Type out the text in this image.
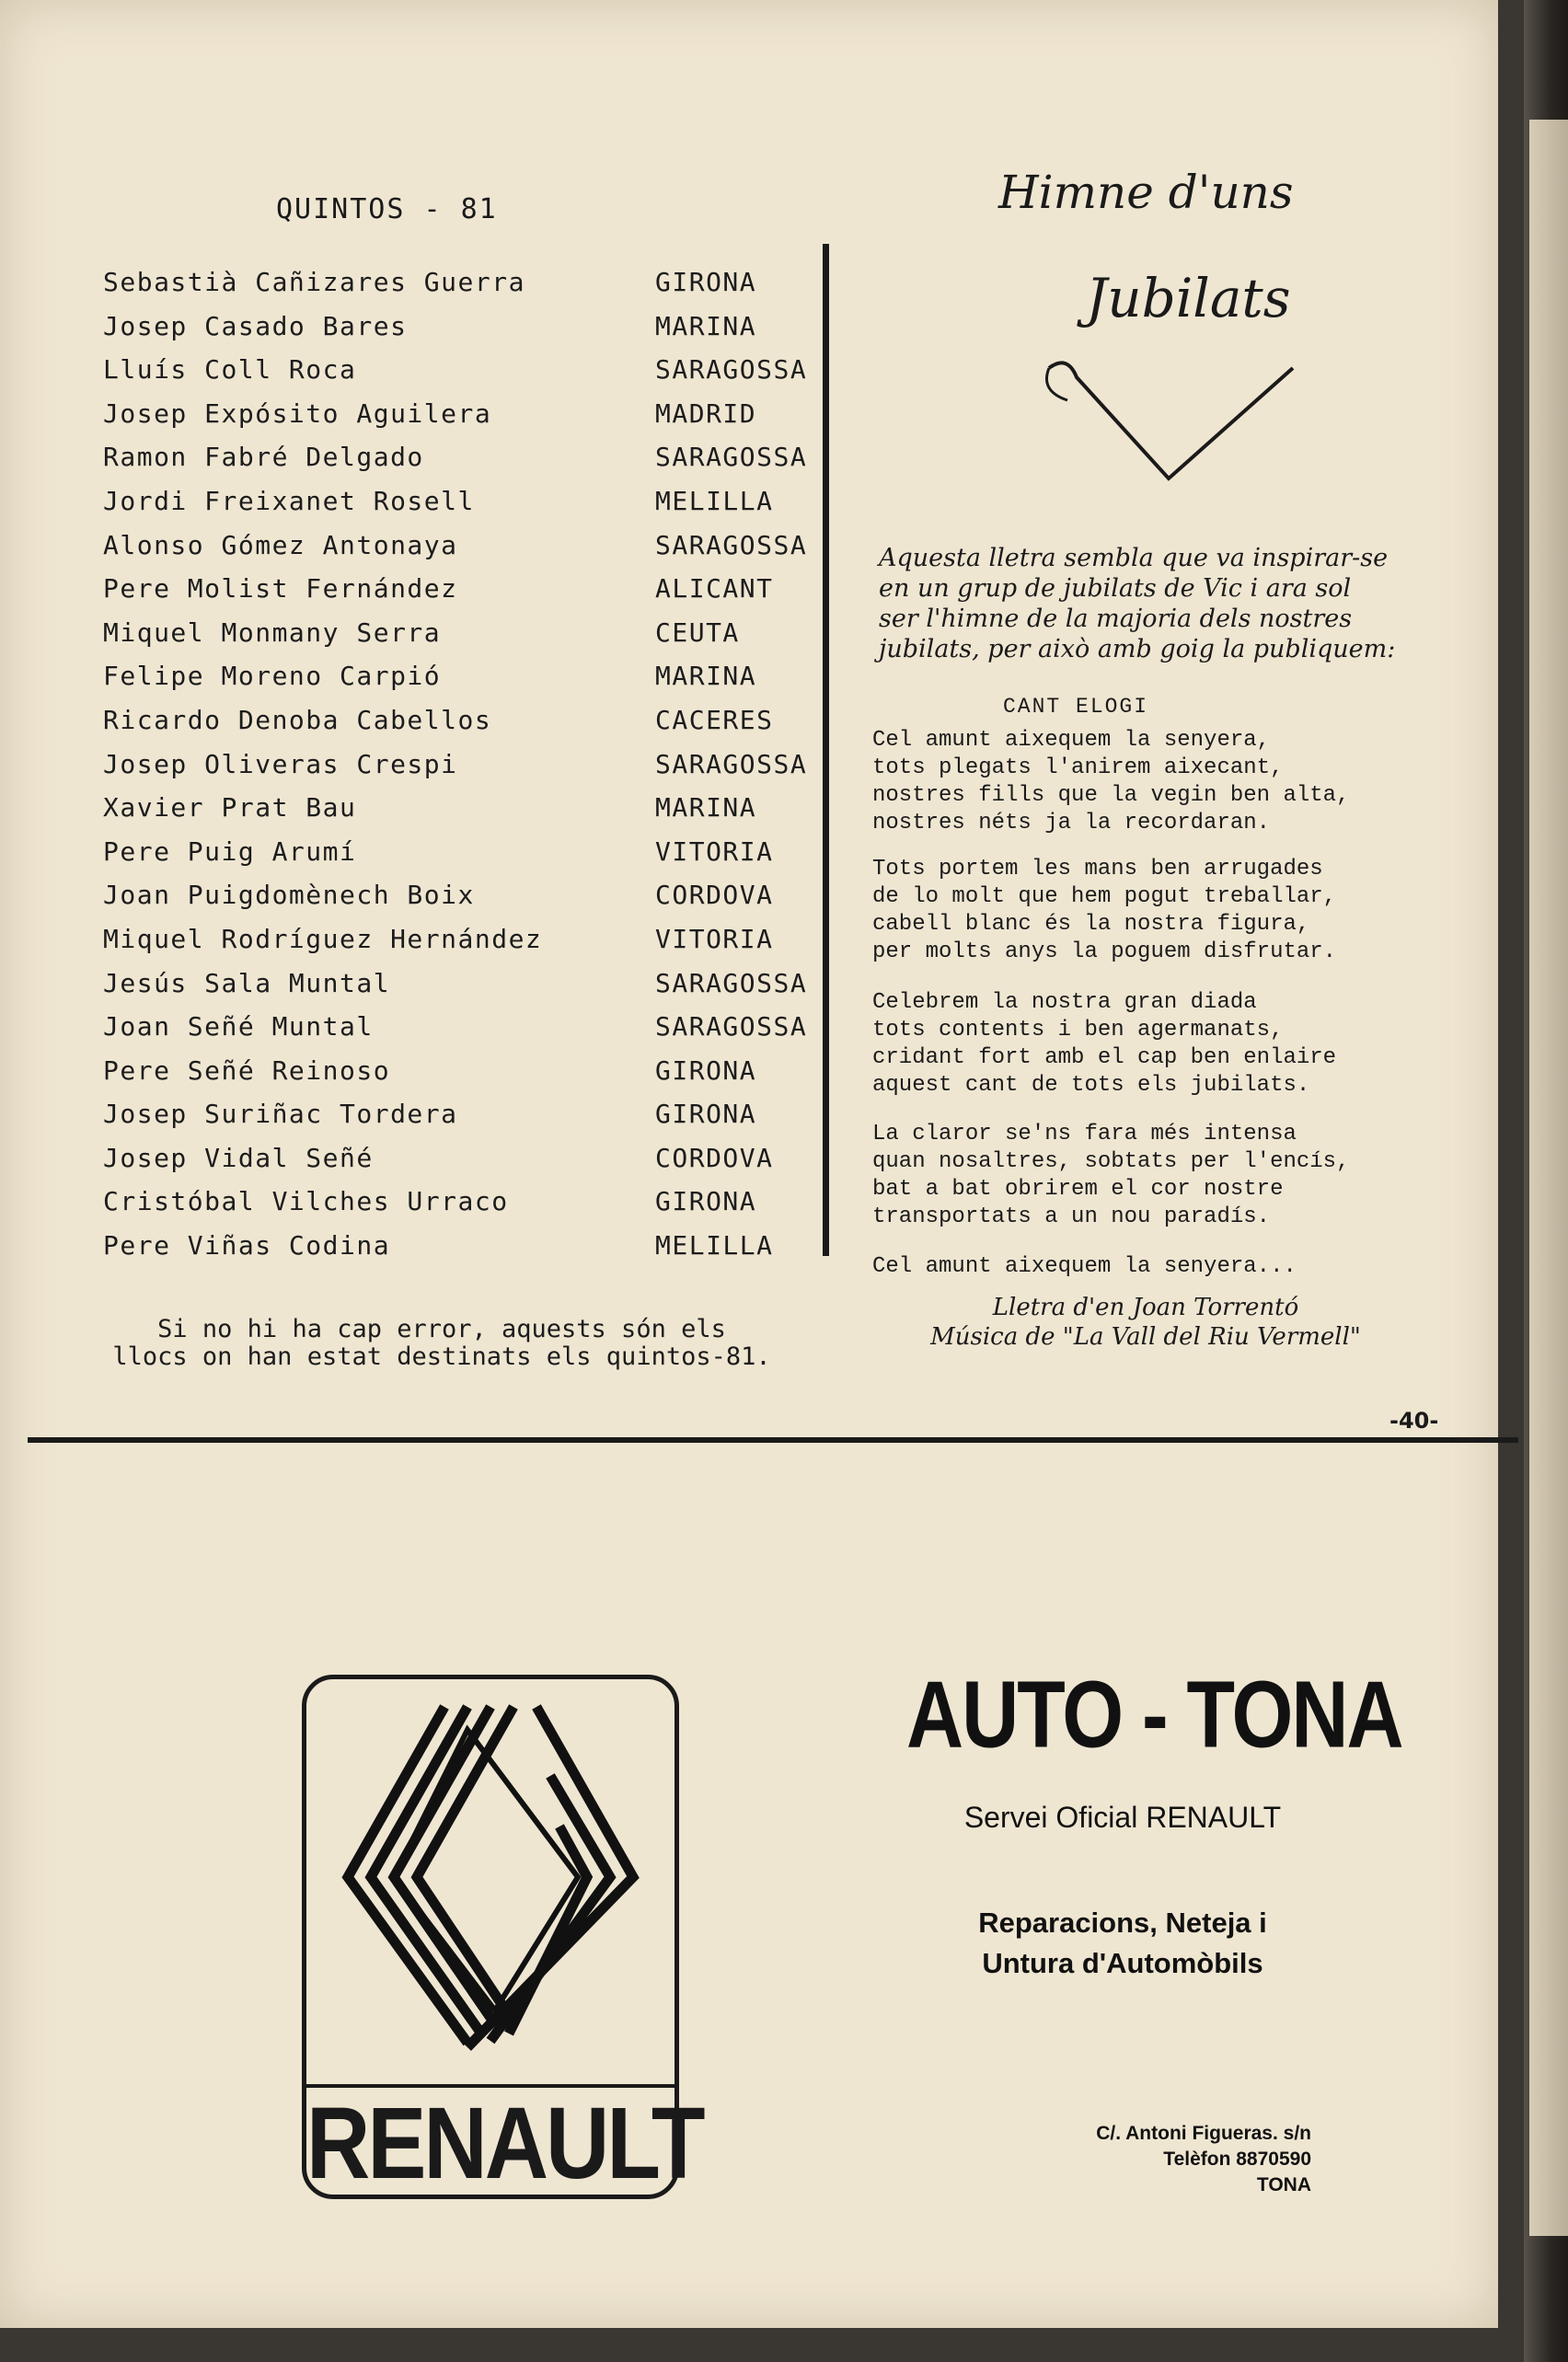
QUINTOS - 81
Sebastià Cañizares Guerra	GIRONA
Josep Casado Bares	MARINA
Lluís Coll Roca	SARAGOSSA
Josep Expósito Aguilera	MADRID
Ramon Fabré Delgado	SARAGOSSA
Jordi Freixanet Rosell	MELILLA
Alonso Gómez Antonaya	SARAGOSSA
Pere Molist Fernández	ALICANT
Miquel Monmany Serra	CEUTA
Felipe Moreno Carpió	MARINA
Ricardo Denoba Cabellos	CACERES
Josep Oliveras Crespi	SARAGOSSA
Xavier Prat Bau	MARINA
Pere Puig Arumí	VITORIA
Joan Puigdomènech Boix	CORDOVA
Miquel Rodríguez Hernández	VITORIA
Jesús Sala Muntal	SARAGOSSA
Joan Señé Muntal	SARAGOSSA
Pere Señé Reinoso	GIRONA
Josep Suriñac Tordera	GIRONA
Josep Vidal Señé	CORDOVA
Cristóbal Vilches Urraco	GIRONA
Pere Viñas Codina	MELILLA
Si no hi ha cap error, aquests són els
llocs on han estat destinats els quintos-81.
Himne d'uns
Jubilats
Aquesta lletra sembla que va inspirar-se
en un grup de jubilats de Vic i ara sol
ser l'himne de la majoria dels nostres
jubilats, per això amb goig la publiquem:
CANT ELOGI
Cel amunt aixequem la senyera,
tots plegats l'anirem aixecant,
nostres fills que la vegin ben alta,
nostres néts ja la recordaran.
Tots portem les mans ben arrugades
de lo molt que hem pogut treballar,
cabell blanc és la nostra figura,
per molts anys la poguem disfrutar.
Celebrem la nostra gran diada
tots contents i ben agermanats,
cridant fort amb el cap ben enlaire
aquest cant de tots els jubilats.
La claror se'ns fara més intensa
quan nosaltres, sobtats per l'encís,
bat a bat obrirem el cor nostre
transportats a un nou paradís.
Cel amunt aixequem la senyera...
Lletra d'en Joan Torrentó
Música de "La Vall del Riu Vermell"
-40-
RENAULT
AUTO - TONA
Servei Oficial RENAULT
Reparacions, Neteja i
Untura d'Automòbils
C/. Antoni Figueras. s/n
Telèfon 8870590
TONA
